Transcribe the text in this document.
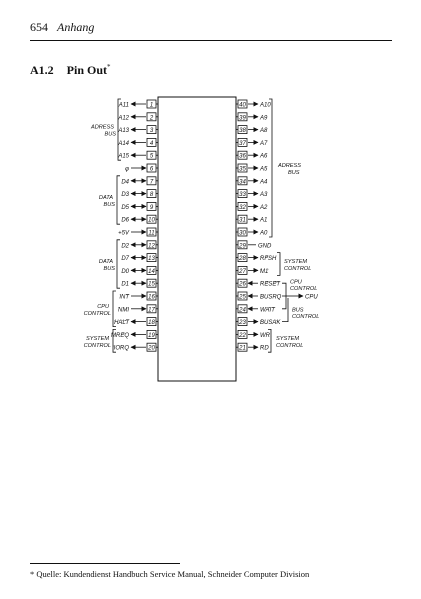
654 Anhang
A1.2 Pin Out*
1
A11
2
A12
3
A13
4
A14
5
A15
6
φ
7
D4
8
D3
9
D5
10
D6
11
+5V
12
D2
13
D7
14
D0
15
D1
16
INT
17
NMI
18
HALT
19
MREQ
20
IORQ
40 A10
39 A9
38 A8
37 A7
36 A6
35 A5
34 A4
33 A3
32 A2
31 A1
30 A0
29 GND
28 RFSH
27 M1
26 RESET
25 BUSRQ
24 WAIT
23 BUSAK
22 WR
21 RD
ADRESS
BUS
DATA
BUS
DATA
BUS
CPU
CONTROL
SYSTEM
CONTROL
ADRESS
BUS
SYSTEM
CONTROL
CPU
CPU
CONTROL
BUS
CONTROL
SYSTEM
CONTROL
* Quelle: Kundendienst Handbuch Service Manual, Schneider Computer Division
